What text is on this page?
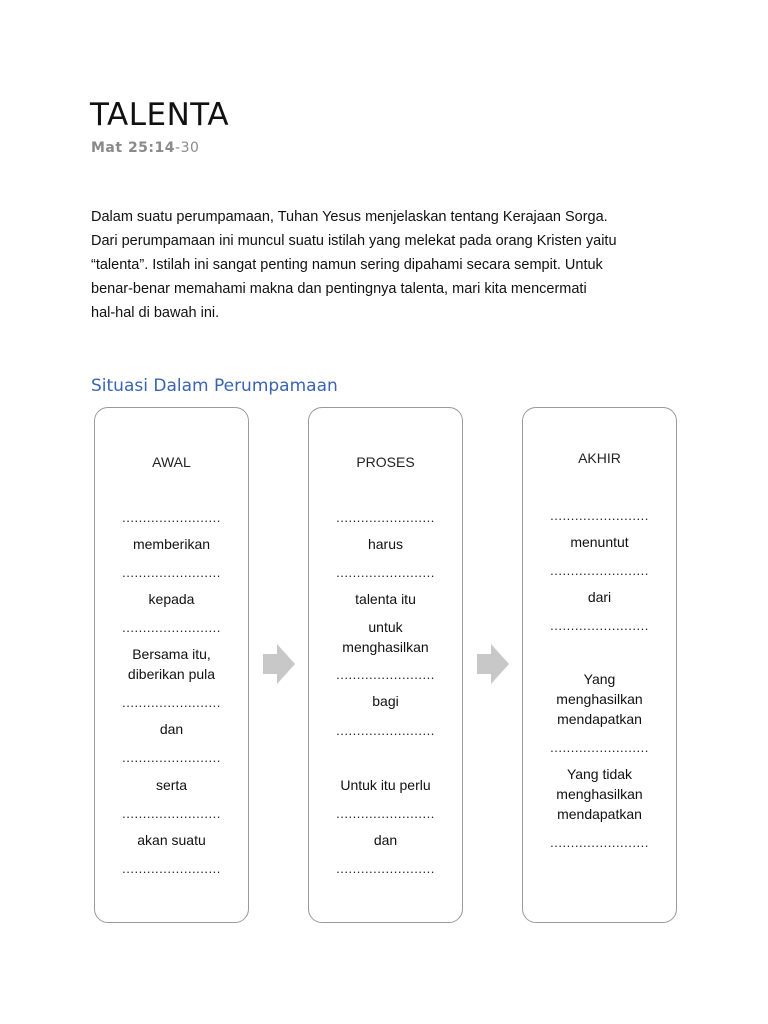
TALENTA
Mat 25:14-30

Dalam suatu perumpamaan, Tuhan Yesus menjelaskan tentang Kerajaan Sorga.

Dari perumpamaan ini muncul suatu istilah yang melekat pada orang Kristen yaitu

“talenta”. Istilah ini sangat penting namun sering dipahami secara sempit. Untuk

benar-benar memahami makna dan pentingnya talenta, mari kita mencermati

hal-hal di bawah ini.

Situasi Dalam Perumpamaan
AWAL
........................
memberikan
........................
kepada
........................
Bersama itu,
diberikan pula
........................
dan
........................
serta
........................
akan suatu
........................
PROSES
........................
harus
........................
talenta itu
untuk
menghasilkan
........................
bagi
........................
Untuk itu perlu
........................
dan
........................
AKHIR
........................
menuntut
........................
dari
........................
Yang
menghasilkan
mendapatkan
........................
Yang tidak
menghasilkan
mendapatkan
........................
